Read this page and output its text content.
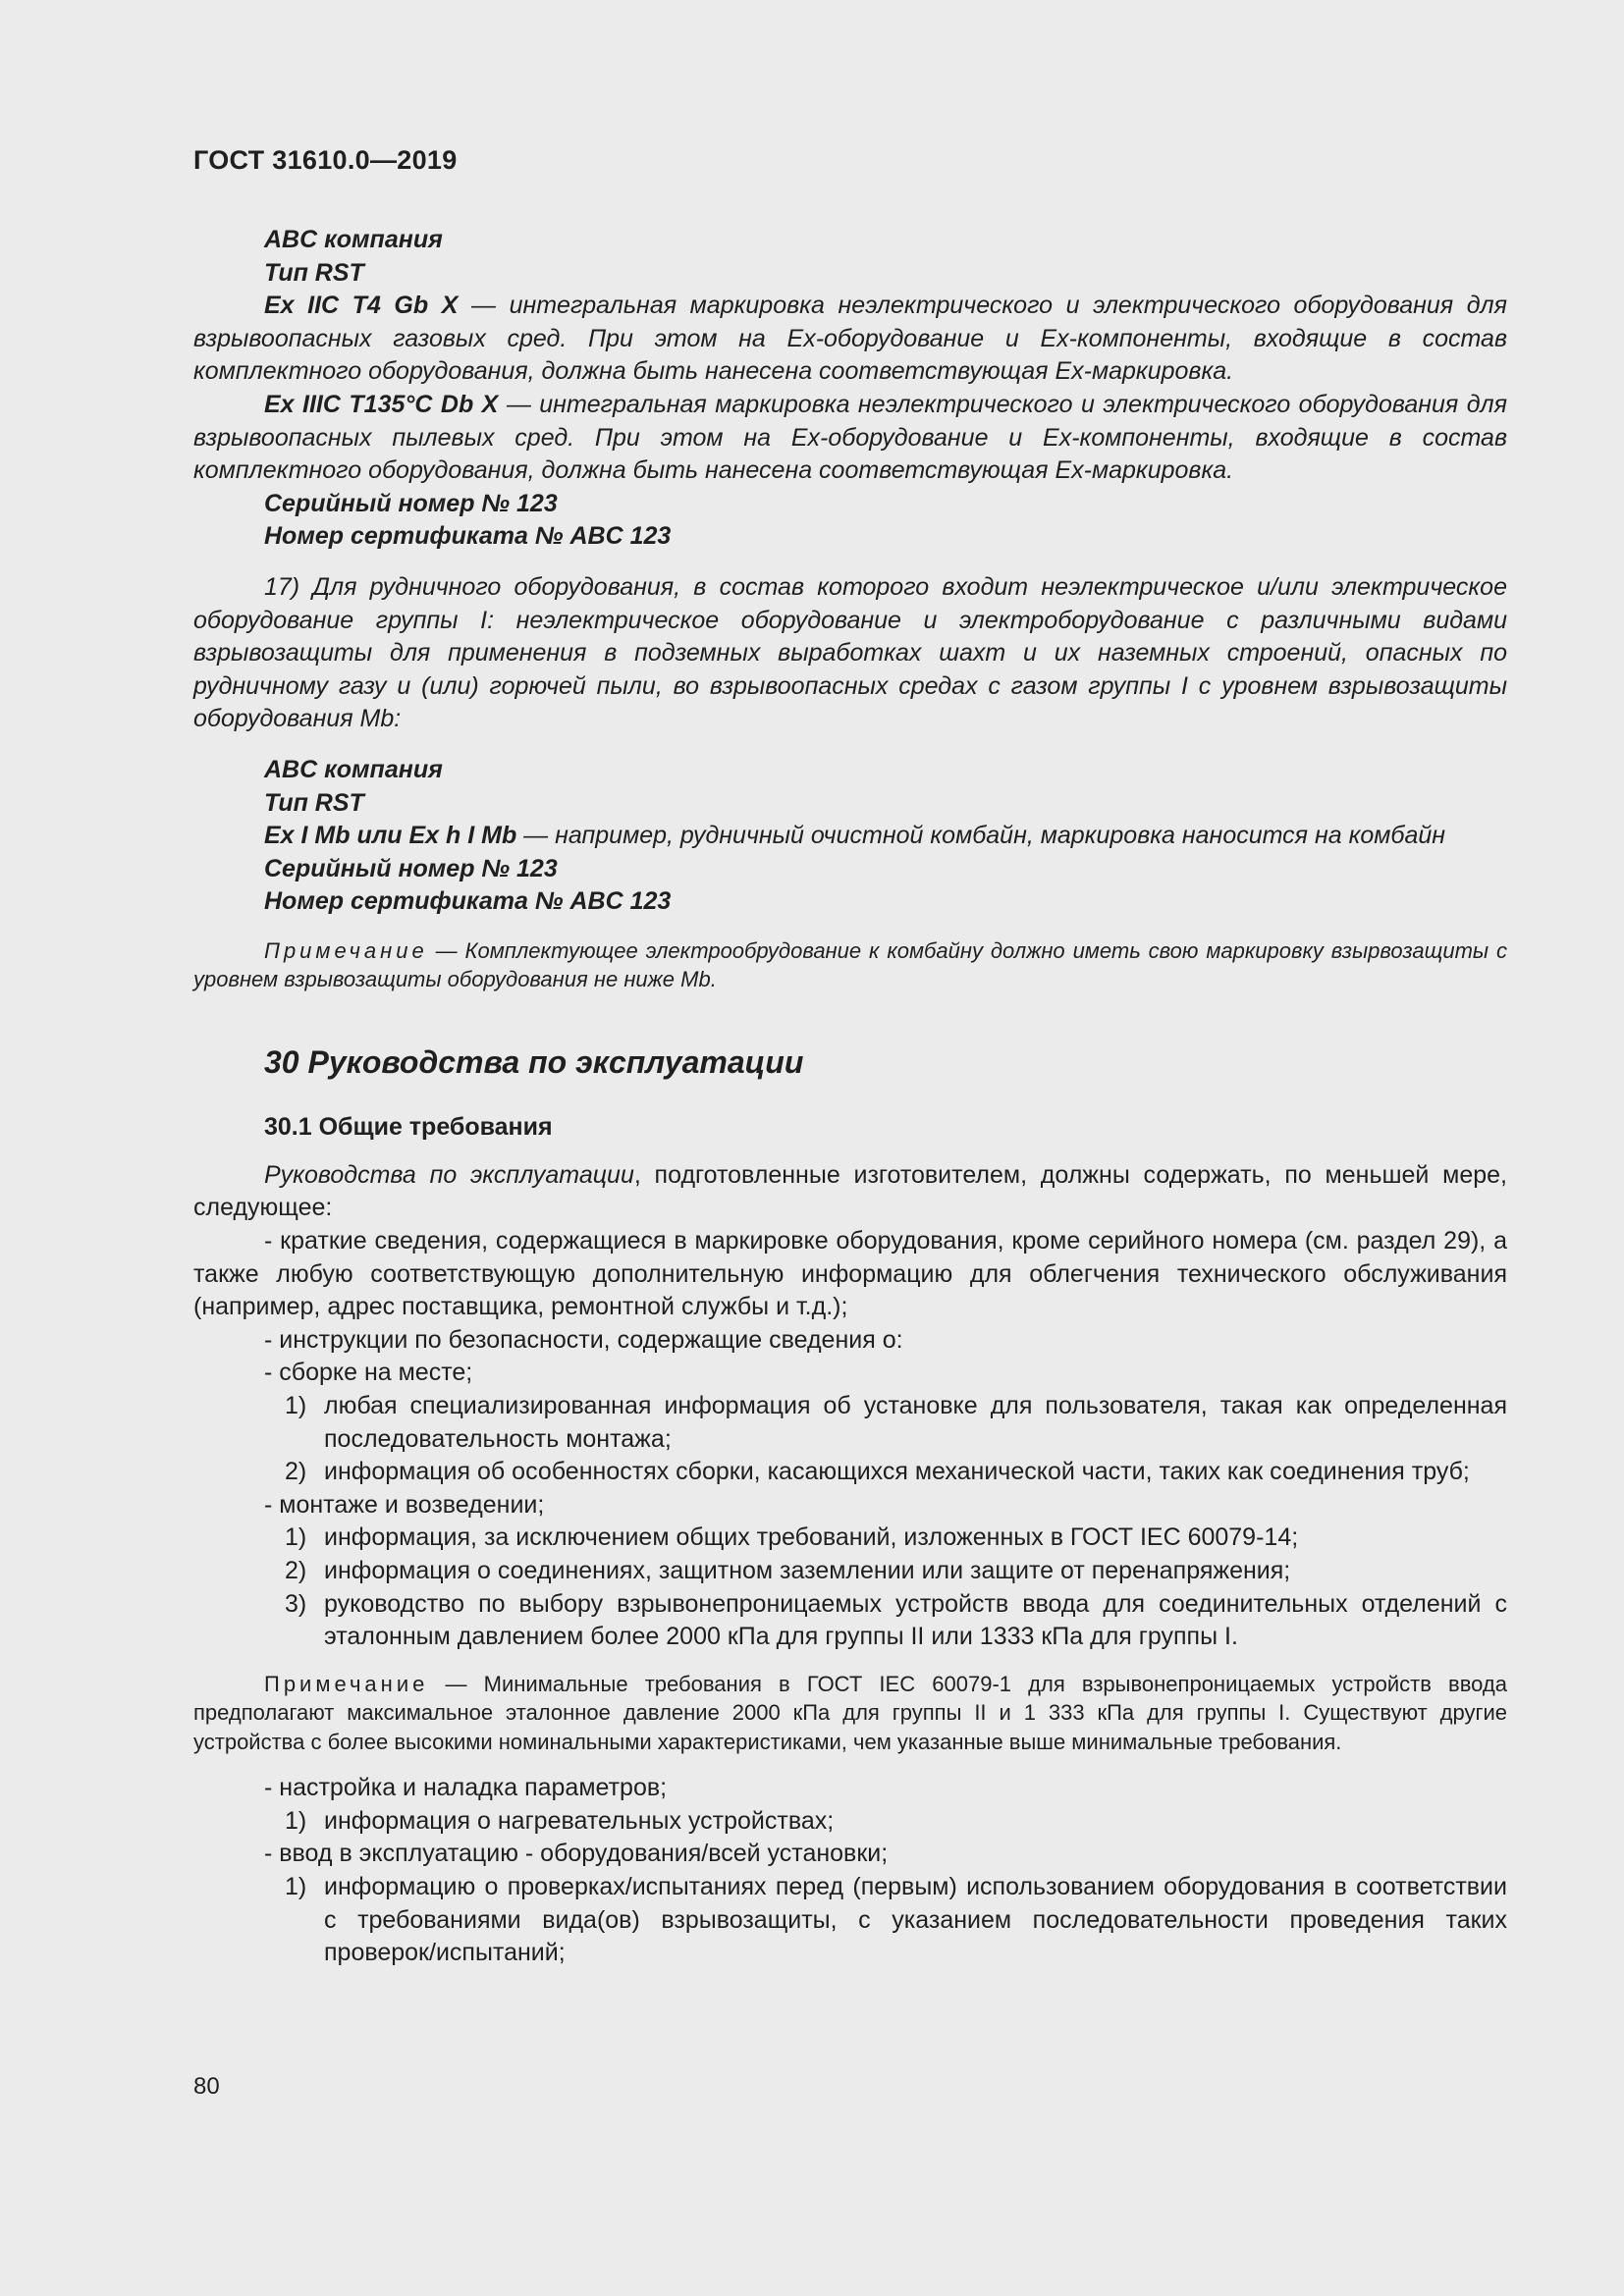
ГОСТ 31610.0—2019

ABC компания

Тип RST

Ex IIC T4 Gb X — интегральная маркировка неэлектрического и электрического оборудования для взрывоопасных газовых сред. При этом на Ex-оборудование и Ex-компоненты, входящие в состав комплектного оборудования, должна быть нанесена соответствующая Ex-маркировка.

Ex IIIC T135°C Db X — интегральная маркировка неэлектрического и электрического оборудования для взрывоопасных пылевых сред. При этом на Ex-оборудование и Ex-компоненты, входящие в состав комплектного оборудования, должна быть нанесена соответствующая Ex-маркировка.

Серийный номер № 123

Номер сертификата № ABC 123

17) Для рудничного оборудования, в состав которого входит неэлектрическое и/или электрическое оборудование группы I: неэлектрическое оборудование и электроборудование с различными видами взрывозащиты для применения в подземных выработках шахт и их наземных строений, опасных по рудничному газу и (или) горючей пыли, во взрывоопасных средах с газом группы I с уровнем взрывозащиты оборудования Mb:

ABC компания

Тип RST

Ex I Mb или Ex h I Mb — например, рудничный очистной комбайн, маркировка наносится на комбайн

Серийный номер № 123

Номер сертификата № ABC 123

Примечание — Комплектующее электрообрудование к комбайну должно иметь свою маркировку взырвозащиты с уровнем взрывозащиты оборудования не ниже Mb.

30 Руководства по эксплуатации
30.1 Общие требования

Руководства по эксплуатации, подготовленные изготовителем, должны содержать, по меньшей мере, следующее:

- краткие сведения, содержащиеся в маркировке оборудования, кроме серийного номера (см. раздел 29), а также любую соответствующую дополнительную информацию для облегчения технического обслуживания (например, адрес поставщика, ремонтной службы и т.д.);

- инструкции по безопасности, содержащие сведения о:

- сборке на месте;

1) любая специализированная информация об установке для пользователя, такая как определенная последовательность монтажа;
2) информация об особенностях сборки, касающихся механической части, таких как соединения труб;

- монтаже и возведении;

1) информация, за исключением общих требований, изложенных в ГОСТ IEC 60079-14;
2) информация о соединениях, защитном заземлении или защите от перенапряжения;
3) руководство по выбору взрывонепроницаемых устройств ввода для соединительных отделений с эталонным давлением более 2000 кПа для группы II или 1333 кПа для группы I.

Примечание — Минимальные требования в ГОСТ IEC 60079-1 для взрывонепроницаемых устройств ввода предполагают максимальное эталонное давление 2000 кПа для группы II и 1 333 кПа для группы I. Существуют другие устройства с более высокими номинальными характеристиками, чем указанные выше минимальные требования.

- настройка и наладка параметров;

1) информация о нагревательных устройствах;

- ввод в эксплуатацию - оборудования/всей установки;

1) информацию о проверках/испытаниях перед (первым) использованием оборудования в соответствии с требованиями вида(ов) взрывозащиты, с указанием последовательности проведения таких проверок/испытаний;
80
